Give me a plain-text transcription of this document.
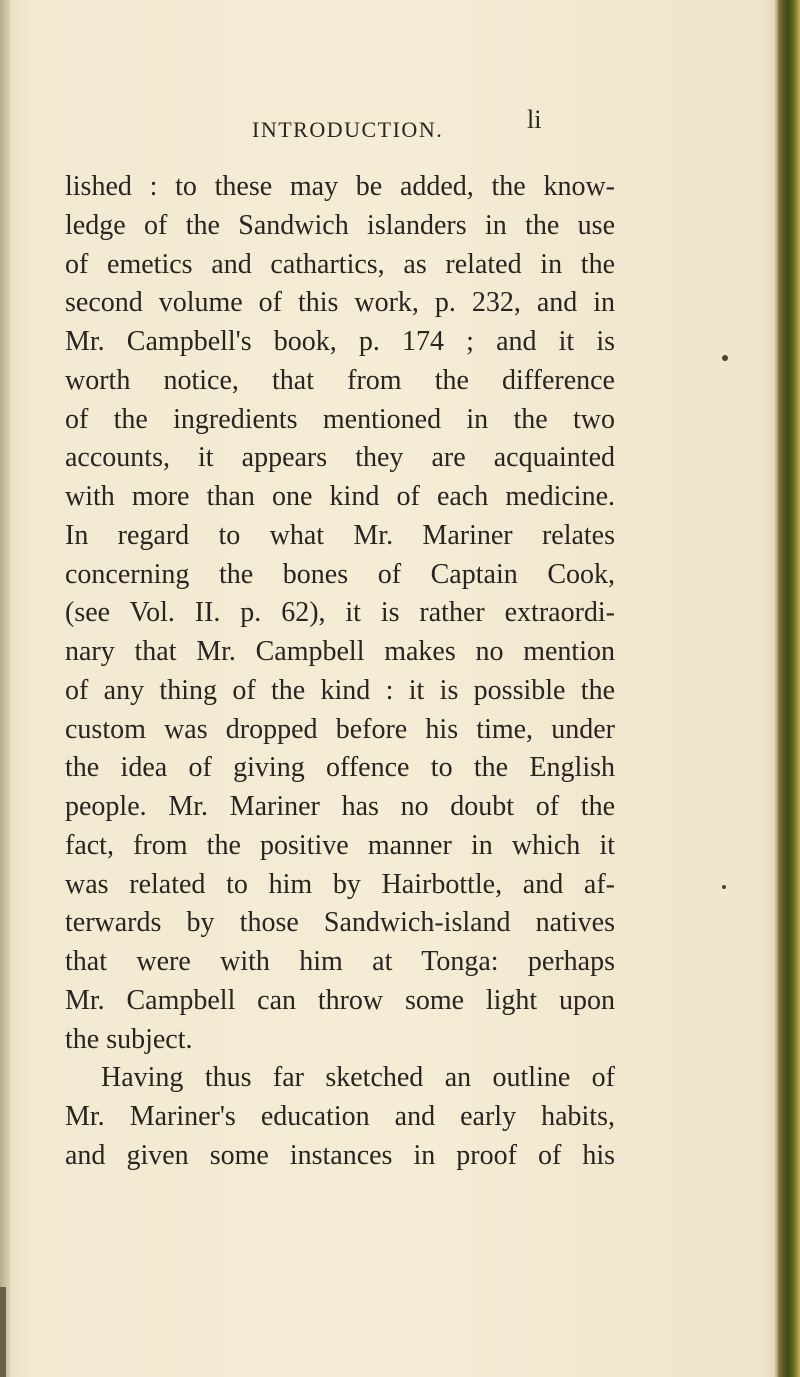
INTRODUCTION.	li
lished : to these may be added, the know-
ledge of the Sandwich islanders in the use
of emetics and cathartics, as related in the
second volume of this work, p. 232, and in
Mr. Campbell's book, p. 174 ; and it is
worth notice, that from the difference
of the ingredients mentioned in the two
accounts, it appears they are acquainted
with more than one kind of each medicine.
In regard to what Mr. Mariner relates
concerning the bones of Captain Cook,
(see Vol. II. p. 62), it is rather extraordi-
nary that Mr. Campbell makes no mention
of any thing of the kind : it is possible the
custom was dropped before his time, under
the idea of giving offence to the English
people. Mr. Mariner has no doubt of the
fact, from the positive manner in which it
was related to him by Hairbottle, and af-
terwards by those Sandwich-island natives
that were with him at Tonga: perhaps
Mr. Campbell can throw some light upon
the subject.
Having thus far sketched an outline of
Mr. Mariner's education and early habits,
and given some instances in proof of his
